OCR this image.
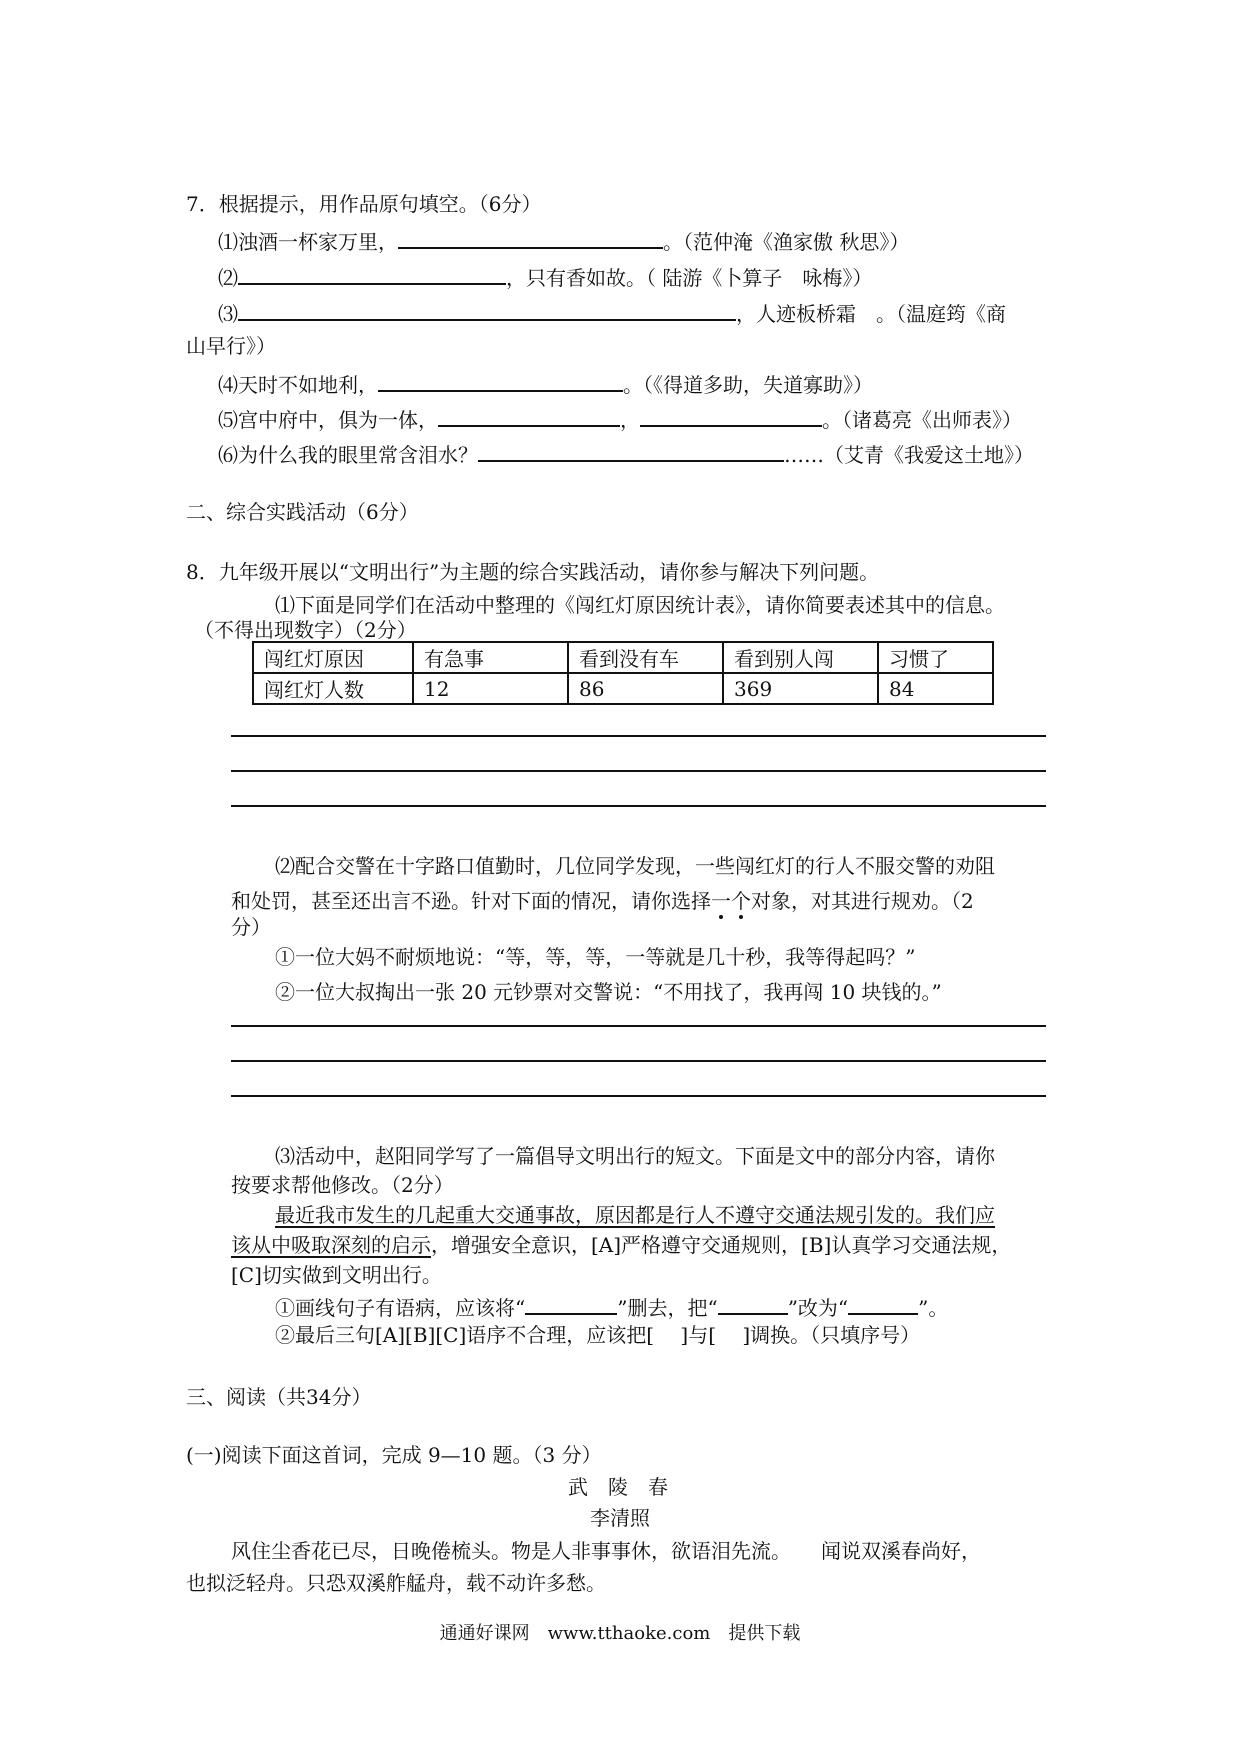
7．根据提示，用作品原句填空。（6分）
⑴浊酒一杯家万里，	。（范仲淹《渔家傲 秋思》）
⑵	，只有香如故。（ 陆游《卜算子　咏梅》）
⑶	，人迹板桥霜　。（温庭筠《商
山早行》）
⑷天时不如地利，	。（《得道多助，失道寡助》）
⑸宫中府中，俱为一体，	，	。（诸葛亮《出师表》）
⑹为什么我的眼里常含泪水？	……（艾青《我爱这土地》）
二、综合实践活动（6分）
8．九年级开展以“文明出行”为主题的综合实践活动，请你参与解决下列问题。
⑴下面是同学们在活动中整理的《闯红灯原因统计表》，请你简要表述其中的信息。
（不得出现数字）（2分）
闯红灯原因	有急事	看到没有车	看到别人闯	习惯了
闯红灯人数	12	86	369	84
⑵配合交警在十字路口值勤时，几位同学发现，一些闯红灯的行人不服交警的劝阻
和处罚，甚至还出言不逊。针对下面的情况，请你选择一个对象，对其进行规劝。（2
分）
①一位大妈不耐烦地说：“等，等，等，一等就是几十秒，我等得起吗？”
②一位大叔掏出一张 20 元钞票对交警说：“不用找了，我再闯 10 块钱的。”
⑶活动中，赵阳同学写了一篇倡导文明出行的短文。下面是文中的部分内容，请你
按要求帮他修改。（2分）
最近我市发生的几起重大交通事故，原因都是行人不遵守交通法规引发的。我们应
该从中吸取深刻的启示，增强安全意识，[A]严格遵守交通规则，[B]认真学习交通法规，
[C]切实做到文明出行。
①画线句子有语病，应该将“	”删去，把“	”改为“	”。
②最后三句[A][B][C]语序不合理，应该把[　 ]与[　 ]调换。（只填序号）
三、阅读（共34分）
(一)阅读下面这首词，完成 9—10 题。（3 分）
武　陵　春
李清照
风住尘香花已尽，日晚倦梳头。物是人非事事休，欲语泪先流。　　闻说双溪春尚好，
也拟泛轻舟。只恐双溪舴艋舟，载不动许多愁。
通通好课网　www.tthaoke.com　提供下载
